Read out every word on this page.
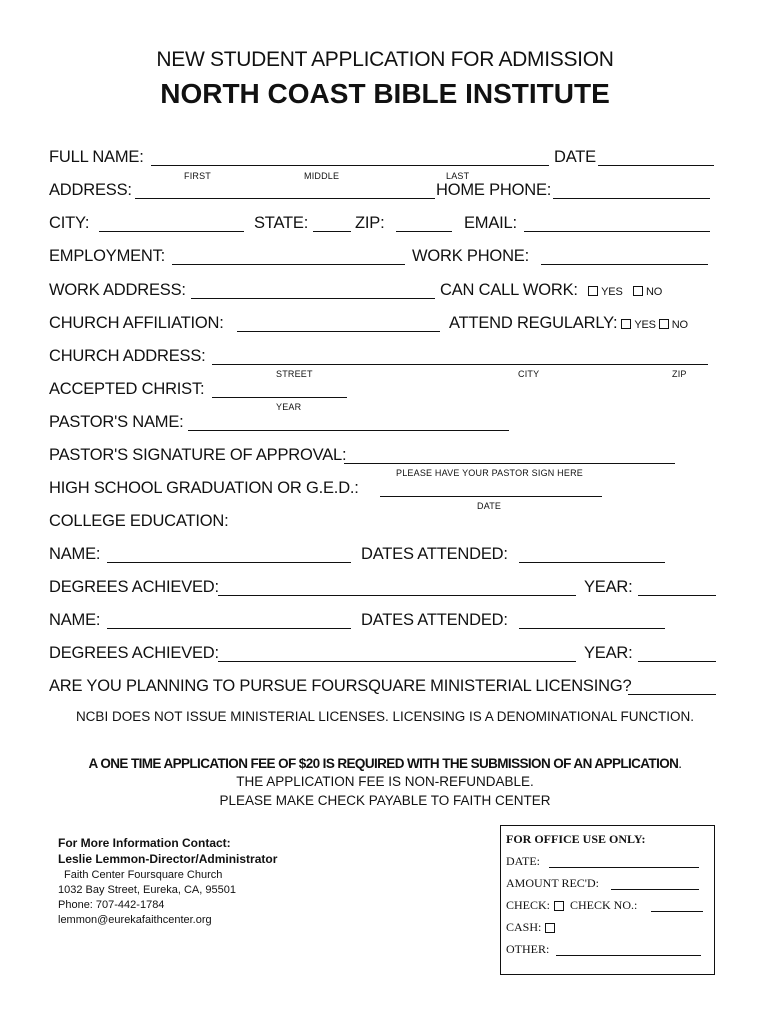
NEW STUDENT APPLICATION FOR ADMISSION
NORTH COAST BIBLE INSTITUTE
FULL NAME:	DATE
FIRST	MIDDLE	LAST
ADDRESS:	HOME PHONE:
CITY:	STATE:	ZIP:	EMAIL:
EMPLOYMENT:	WORK PHONE:
WORK ADDRESS:	CAN CALL WORK: YES NO
CHURCH AFFILIATION:	ATTEND REGULARLY: YES NO
CHURCH ADDRESS:
STREET	CITY	ZIP
ACCEPTED CHRIST:
YEAR
PASTOR'S NAME:
PASTOR'S SIGNATURE OF APPROVAL:
PLEASE HAVE YOUR PASTOR SIGN HERE
HIGH SCHOOL GRADUATION OR G.E.D.:
DATE
COLLEGE EDUCATION:
NAME:	DATES ATTENDED:
DEGREES ACHIEVED:	YEAR:
NAME:	DATES ATTENDED:
DEGREES ACHIEVED:	YEAR:
ARE YOU PLANNING TO PURSUE FOURSQUARE MINISTERIAL LICENSING?
NCBI DOES NOT ISSUE MINISTERIAL LICENSES. LICENSING IS A DENOMINATIONAL FUNCTION.
A ONE TIME APPLICATION FEE OF $20 IS REQUIRED WITH THE SUBMISSION OF AN APPLICATION.
THE APPLICATION FEE IS NON-REFUNDABLE.
PLEASE MAKE CHECK PAYABLE TO FAITH CENTER
For More Information Contact:
Leslie Lemmon-Director/Administrator
Faith Center Foursquare Church
1032 Bay Street, Eureka, CA, 95501
Phone: 707-442-1784
lemmon@eurekafaithcenter.org
FOR OFFICE USE ONLY:
DATE:
AMOUNT REC'D:
CHECK: CHECK NO.:
CASH:
OTHER:
